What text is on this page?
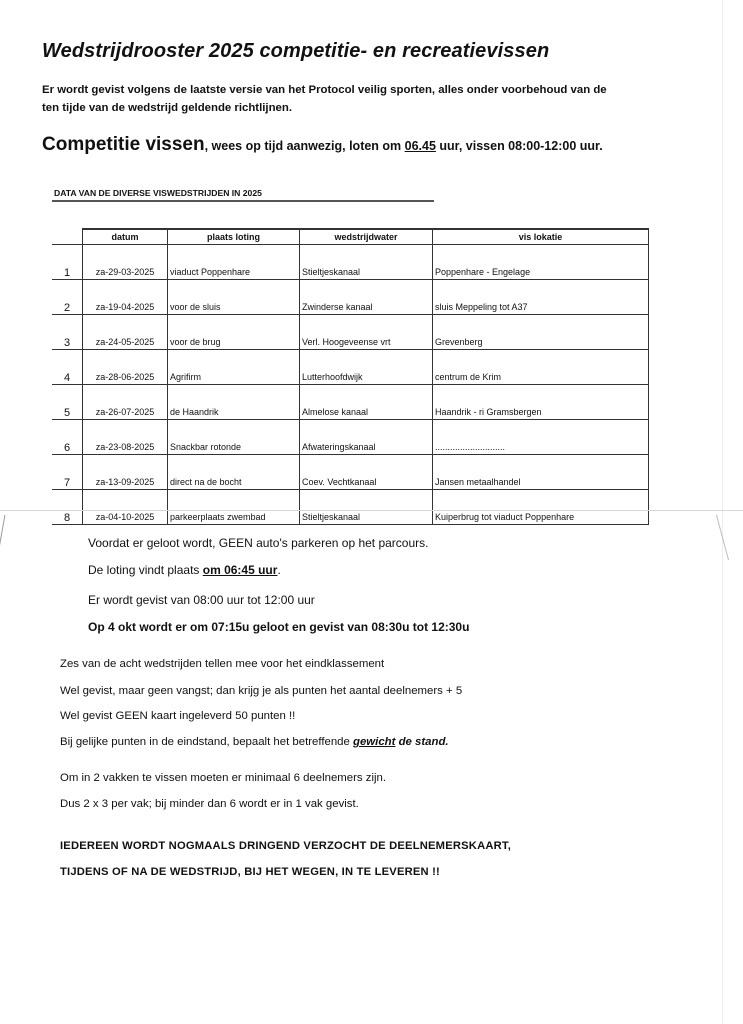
Wedstrijdrooster 2025 competitie- en recreatievissen
Er wordt gevist volgens de laatste versie van het Protocol veilig sporten, alles onder voorbehoud van de
ten tijde van de wedstrijd geldende richtlijnen.
Competitie vissen, wees op tijd aanwezig, loten om 06.45 uur, vissen 08:00-12:00 uur.
DATA VAN DE DIVERSE VISWEDSTRIJDEN IN 2025
	datum	plaats loting	wedstrijdwater	vis lokatie
1	za-29-03-2025	viaduct Poppenhare	Stieltjeskanaal	Poppenhare - Engelage
2	za-19-04-2025	voor de sluis	Zwinderse kanaal	sluis Meppeling tot A37
3	za-24-05-2025	voor de brug	Verl. Hoogeveense vrt	Grevenberg
4	za-28-06-2025	Agrifirm	Lutterhoofdwijk	centrum de Krim
5	za-26-07-2025	de Haandrik	Almelose kanaal	Haandrik - ri Gramsbergen
6	za-23-08-2025	Snackbar rotonde	Afwateringskanaal	............................
7	za-13-09-2025	direct na de bocht	Coev. Vechtkanaal	Jansen metaalhandel
8	za-04-10-2025	parkeerplaats zwembad	Stieltjeskanaal	Kuiperbrug tot viaduct Poppenhare
Voordat er geloot wordt, GEEN auto's parkeren op het parcours.
De loting vindt plaats om 06:45 uur.
Er wordt gevist van 08:00 uur tot 12:00 uur
Op 4 okt wordt er om 07:15u geloot en gevist van 08:30u tot 12:30u
Zes van de acht wedstrijden tellen mee voor het eindklassement
Wel gevist, maar geen vangst; dan krijg je als punten het aantal deelnemers + 5
Wel gevist GEEN kaart ingeleverd 50 punten !!
Bij gelijke punten in de eindstand, bepaalt het betreffende gewicht de stand.
Om in 2 vakken te vissen moeten er minimaal 6 deelnemers zijn.
Dus 2 x 3 per vak; bij minder dan 6 wordt er in 1 vak gevist.
IEDEREEN WORDT NOGMAALS DRINGEND VERZOCHT DE DEELNEMERSKAART,
TIJDENS OF NA DE WEDSTRIJD, BIJ HET WEGEN, IN TE LEVEREN !!
